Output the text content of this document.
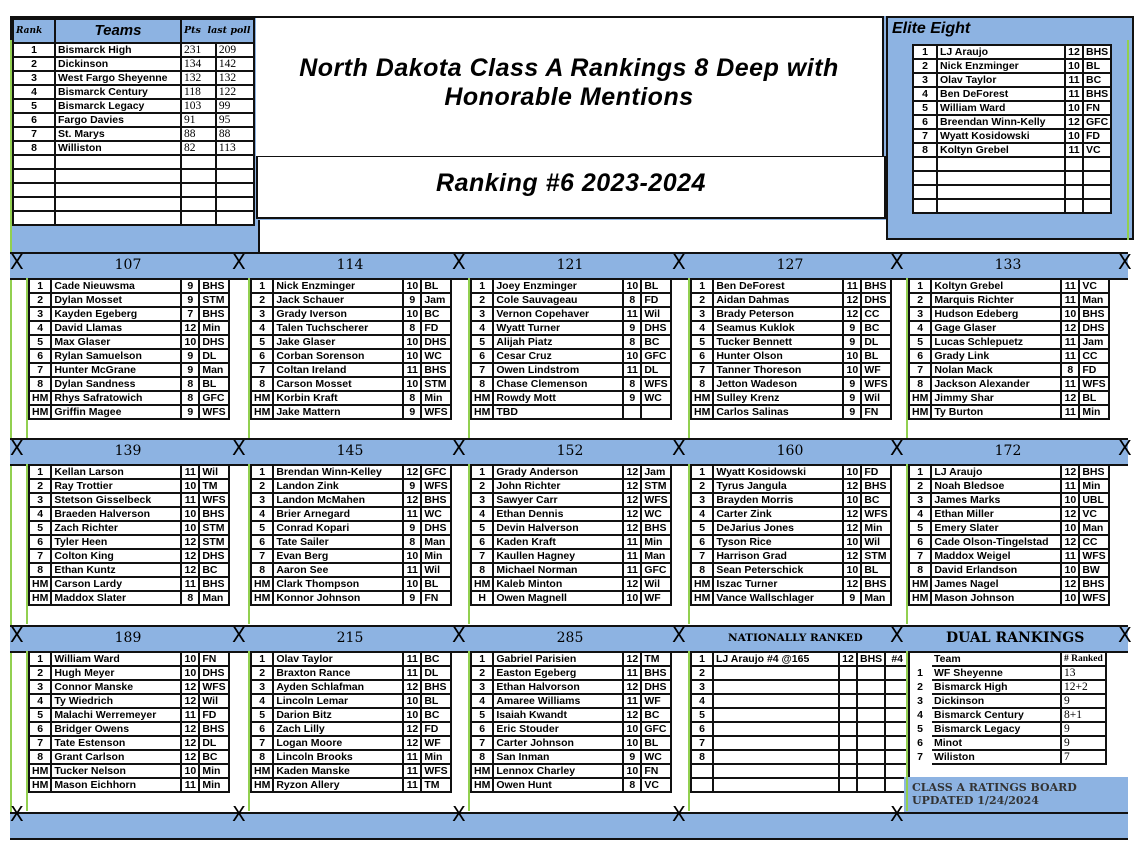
Rank	Teams	Pts last poll	
1	Bismarck High	231	209
2	Dickinson	134	142
3	West Fargo Sheyenne	132	132
4	Bismarck Century	118	122
5	Bismarck Legacy	103	99
6	Fargo Davies	91	95
7	St. Marys	88	88
8	Williston	82	113

North Dakota Class A Rankings 8 Deep with Honorable Mentions
Ranking #6 2023-2024
Elite Eight
1	LJ Araujo	12	BHS
2	Nick Enzminger	10	BL
3	Olav Taylor	11	BC
4	Ben DeForest	11	BHS
5	William Ward	10	FN
6	Breendan Winn-Kelly	12	GFC
7	Wyatt Kosidowski	10	FD
8	Koltyn Grebel	11	VC

X	107	X	114	X	121	X	127	X	133	X
1	Cade Nieuwsma	9	BHS
2	Dylan Mosset	9	STM
3	Kayden Egeberg	7	BHS
4	David Llamas	12	Min
5	Max Glaser	10	DHS
6	Rylan Samuelson	9	DL
7	Hunter McGrane	9	Man
8	Dylan Sandness	8	BL
HM	Rhys Safratowich	8	GFC
HM	Griffin Magee	9	WFS
1	Nick Enzminger	10	BL
2	Jack Schauer	9	Jam
3	Grady Iverson	10	BC
4	Talen Tuchscherer	8	FD
5	Jake Glaser	10	DHS
6	Corban Sorenson	10	WC
7	Coltan Ireland	11	BHS
8	Carson Mosset	10	STM
HM	Korbin Kraft	8	Min
HM	Jake Mattern	9	WFS
1	Joey Enzminger	10	BL
2	Cole Sauvageau	8	FD
3	Vernon Copehaver	11	Wil
4	Wyatt Turner	9	DHS
5	Alijah Piatz	8	BC
6	Cesar Cruz	10	GFC
7	Owen Lindstrom	11	DL
8	Chase Clemenson	8	WFS
HM	Rowdy Mott	9	WC
HM	TBD		
1	Ben DeForest	11	BHS
2	Aidan Dahmas	12	DHS
3	Brady Peterson	12	CC
4	Seamus Kuklok	9	BC
5	Tucker Bennett	9	DL
6	Hunter Olson	10	BL
7	Tanner Thoreson	10	WF
8	Jetton Wadeson	9	WFS
HM	Sulley Krenz	9	Wil
HM	Carlos Salinas	9	FN
1	Koltyn Grebel	11	VC
2	Marquis Richter	11	Man
3	Hudson Edeberg	10	BHS
4	Gage Glaser	12	DHS
5	Lucas Schlepuetz	11	Jam
6	Grady Link	11	CC
7	Nolan Mack	8	FD
8	Jackson Alexander	11	WFS
HM	Jimmy Shar	12	BL
HM	Ty Burton	11	Min
X	139	X	145	X	152	X	160	X	172	X
1	Kellan Larson	11	Wil
2	Ray Trottier	10	TM
3	Stetson Gisselbeck	11	WFS
4	Braeden Halverson	10	BHS
5	Zach Richter	10	STM
6	Tyler Heen	12	STM
7	Colton King	12	DHS
8	Ethan Kuntz	12	BC
HM	Carson Lardy	11	BHS
HM	Maddox Slater	8	Man
1	Brendan Winn-Kelley	12	GFC
2	Landon Zink	9	WFS
3	Landon McMahen	12	BHS
4	Brier Arnegard	11	WC
5	Conrad Kopari	9	DHS
6	Tate Sailer	8	Man
7	Evan Berg	10	Min
8	Aaron See	11	Wil
HM	Clark Thompson	10	BL
HM	Konnor Johnson	9	FN
1	Grady Anderson	12	Jam
2	John Richter	12	STM
3	Sawyer Carr	12	WFS
4	Ethan Dennis	12	WC
5	Devin Halverson	12	BHS
6	Kaden Kraft	11	Min
7	Kaullen Hagney	11	Man
8	Michael Norman	11	GFC
HM	Kaleb Minton	12	Wil
H	Owen Magnell	10	WF
1	Wyatt Kosidowski	10	FD
2	Tyrus Jangula	12	BHS
3	Brayden Morris	10	BC
4	Carter Zink	12	WFS
5	DeJarius Jones	12	Min
6	Tyson Rice	10	Wil
7	Harrison Grad	12	STM
8	Sean Peterschick	10	BL
HM	Iszac Turner	12	BHS
HM	Vance Wallschlager	9	Man
1	LJ Araujo	12	BHS
2	Noah Bledsoe	11	Min
3	James Marks	10	UBL
4	Ethan Miller	12	VC
5	Emery Slater	10	Man
6	Cade Olson-Tingelstad	12	CC
7	Maddox Weigel	11	WFS
8	David Erlandson	10	BW
HM	James Nagel	12	BHS
HM	Mason Johnson	10	WFS
X	189	X	215	X	285	X	NATIONALLY RANKED	X	DUAL RANKINGS	X
1	William Ward	10	FN
2	Hugh Meyer	10	DHS
3	Connor Manske	12	WFS
4	Ty Wiedrich	12	Wil
5	Malachi Werremeyer	11	FD
6	Bridger Owens	12	BHS
7	Tate Estenson	12	DL
8	Grant Carlson	12	BC
HM	Tucker Nelson	10	Min
HM	Mason Eichhorn	11	Min
1	Olav Taylor	11	BC
2	Braxton Rance	11	DL
3	Ayden Schlafman	12	BHS
4	Lincoln Lemar	10	BL
5	Darion Bitz	10	BC
6	Zach Lilly	12	FD
7	Logan Moore	12	WF
8	Lincoln Brooks	11	Min
HM	Kaden Manske	11	WFS
HM	Ryzon Allery	11	TM
1	Gabriel Parisien	12	TM
2	Easton Egeberg	11	BHS
3	Ethan Halvorson	12	DHS
4	Amaree Williams	11	WF
5	Isaiah Kwandt	12	BC
6	Eric Stouder	10	GFC
7	Carter Johnson	10	BL
8	San Inman	9	WC
HM	Lennox Charley	10	FN
HM	Owen Hunt	8	VC
1	LJ Araujo #4 @165	12	BHS	#4
2				
3				
4				
5				
6				
7				
8				

CLASS A RATINGS BOARD
UPDATED 1/24/2024
	Team	# Ranked
1	WF Sheyenne	13
2	Bismarck High	12+2
3	Dickinson	9
4	Bismarck Century	8+1
5	Bismarck Legacy	9
6	Minot	9
7	Wiliston	7
X	X	X	X	X
